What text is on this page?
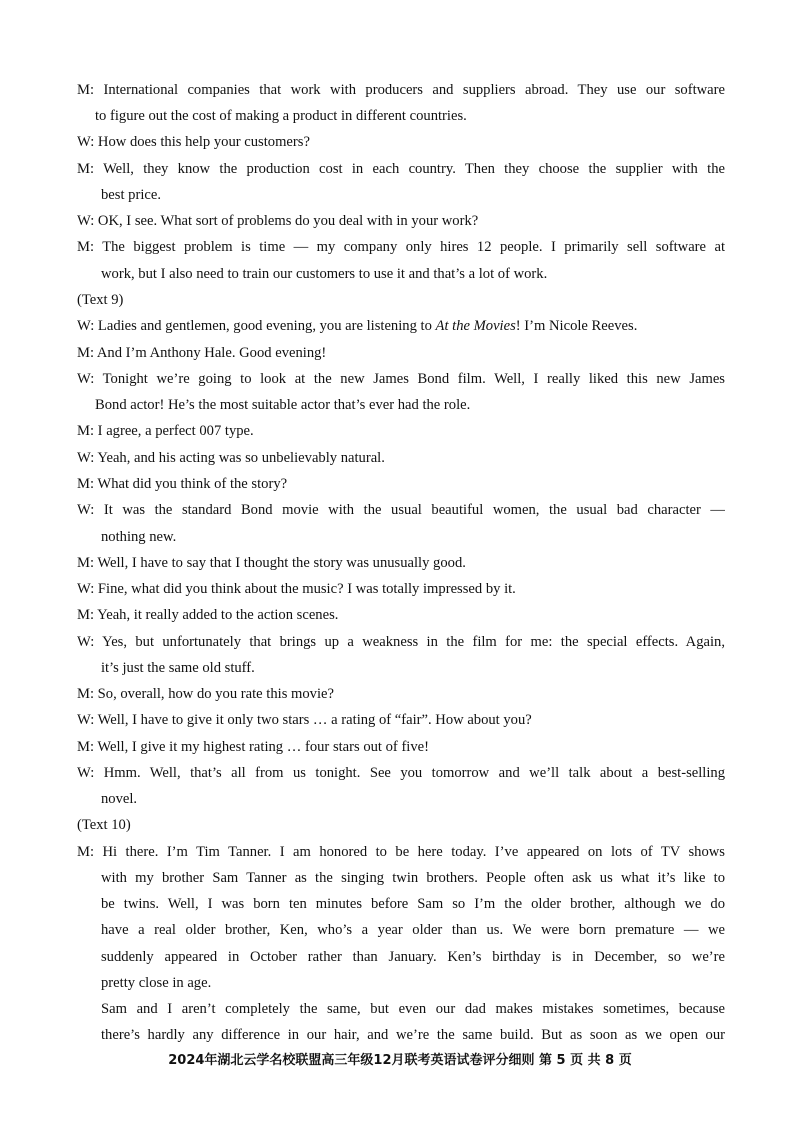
M: International companies that work with producers and suppliers abroad. They use our software
to figure out the cost of making a product in different countries.
W: How does this help your customers?
M: Well, they know the production cost in each country. Then they choose the supplier with the
best price.
W: OK, I see. What sort of problems do you deal with in your work?
M: The biggest problem is time — my company only hires 12 people. I primarily sell software at
work, but I also need to train our customers to use it and that’s a lot of work.
(Text 9)
W: Ladies and gentlemen, good evening, you are listening to At the Movies! I’m Nicole Reeves.
M: And I’m Anthony Hale. Good evening!
W: Tonight we’re going to look at the new James Bond film. Well, I really liked this new James
Bond actor! He’s the most suitable actor that’s ever had the role.
M: I agree, a perfect 007 type.
W: Yeah, and his acting was so unbelievably natural.
M: What did you think of the story?
W: It was the standard Bond movie with the usual beautiful women, the usual bad character —
nothing new.
M: Well, I have to say that I thought the story was unusually good.
W: Fine, what did you think about the music? I was totally impressed by it.
M: Yeah, it really added to the action scenes.
W: Yes, but unfortunately that brings up a weakness in the film for me: the special effects. Again,
it’s just the same old stuff.
M: So, overall, how do you rate this movie?
W: Well, I have to give it only two stars … a rating of “fair”. How about you?
M: Well, I give it my highest rating … four stars out of five!
W: Hmm. Well, that’s all from us tonight. See you tomorrow and we’ll talk about a best-selling
novel.
(Text 10)
M: Hi there. I’m Tim Tanner. I am honored to be here today. I’ve appeared on lots of TV shows
with my brother Sam Tanner as the singing twin brothers. People often ask us what it’s like to
be twins. Well, I was born ten minutes before Sam so I’m the older brother, although we do
have a real older brother, Ken, who’s a year older than us. We were born premature — we
suddenly appeared in October rather than January. Ken’s birthday is in December, so we’re
pretty close in age.
Sam and I aren’t completely the same, but even our dad makes mistakes sometimes, because
there’s hardly any difference in our hair, and we’re the same build. But as soon as we open our
2024年湖北云学名校联盟高三年级12月联考英语试卷评分细则 第 5 页 共 8 页
